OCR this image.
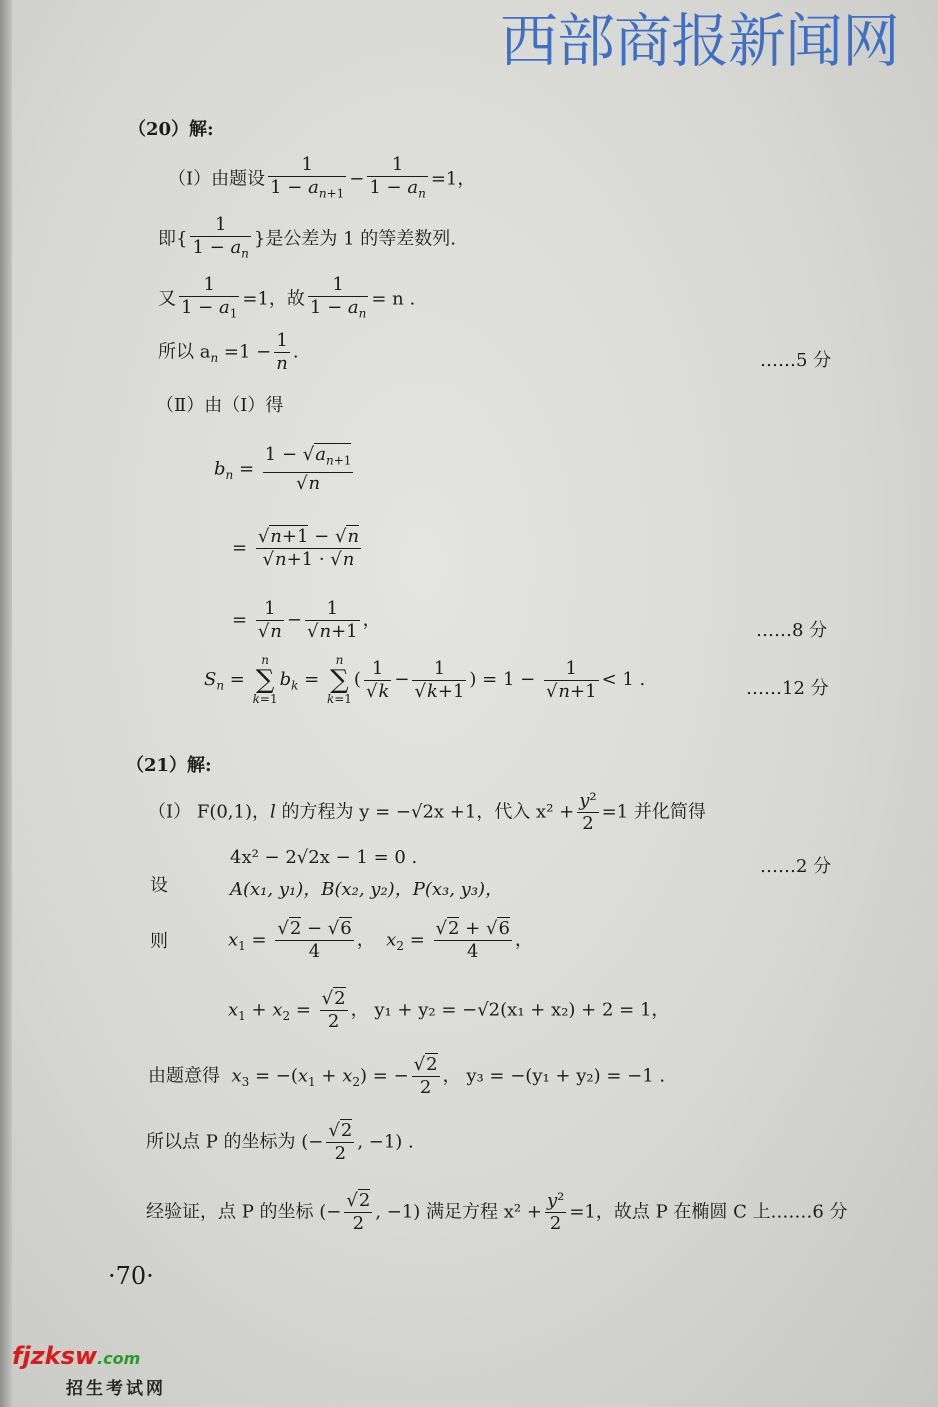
西部商报新闻网
（20）解:
（Ⅰ）由题设 $\frac{1}{1 - a_{n+1}} - \frac{1}{1 - a_n} =1$，
即{ $\frac{1}{1 - a_n}$ }是公差为 1 的等差数列.
又 $\frac{1}{1 - a_1} =1$，故 $\frac{1}{1 - a_n} = n$ .
所以 $a_n =1 - \frac{1}{n}$ .	……5 分
（Ⅱ）由（Ⅰ）得
$b_n = \frac{1 - √a_{n+1}}{√n}$
= $\frac{√n+1 - √n}{√n+1 \cdot √n}$
= $\frac{1}{√n} - \frac{1}{√n+1}$ ，	……8 分
$S_n$ =
n
∑
k=1
$b_k$ =
n
∑
k=1
( $\frac{1}{√k} - \frac{1}{√k+1}$ ) = $1 - \frac{1}{√n+1} < 1$ .	……12 分
（21）解:
（Ⅰ） F(0,1)，l 的方程为 y = −√2x +1，代入 $x^2 + \frac{\text{y²}}{2} =1$ 并化简得
4x² − 2√2x − 1 = 0 .	……2 分
设	A(x₁, y₁)，B(x₂, y₂)，P(x₃, y₃)，
则	$x_1 = \frac{√2 - √6}{4}$ ，  $x_2 = \frac{√2 + √6}{4}$ ，
$x_1 + x_2 = \frac{√2}{2}$ ， y₁ + y₂ = −√2(x₁ + x₂) + 2 = 1，
由题意得 $x_3 = -(x_1 + x_2)$ = − $\frac{√2}{2}$ ， y₃ = −(y₁ + y₂) = −1 .
所以点 P 的坐标为 (− $\frac{√2}{2}$ , −1) .
经验证，点 P 的坐标 (− $\frac{√2}{2}$ , −1) 满足方程 $x^2 + \frac{\text{y²}}{2} =1$，故点 P 在椭圆 C 上.……6 分
·70·
fjzksw.com
招生考试网
